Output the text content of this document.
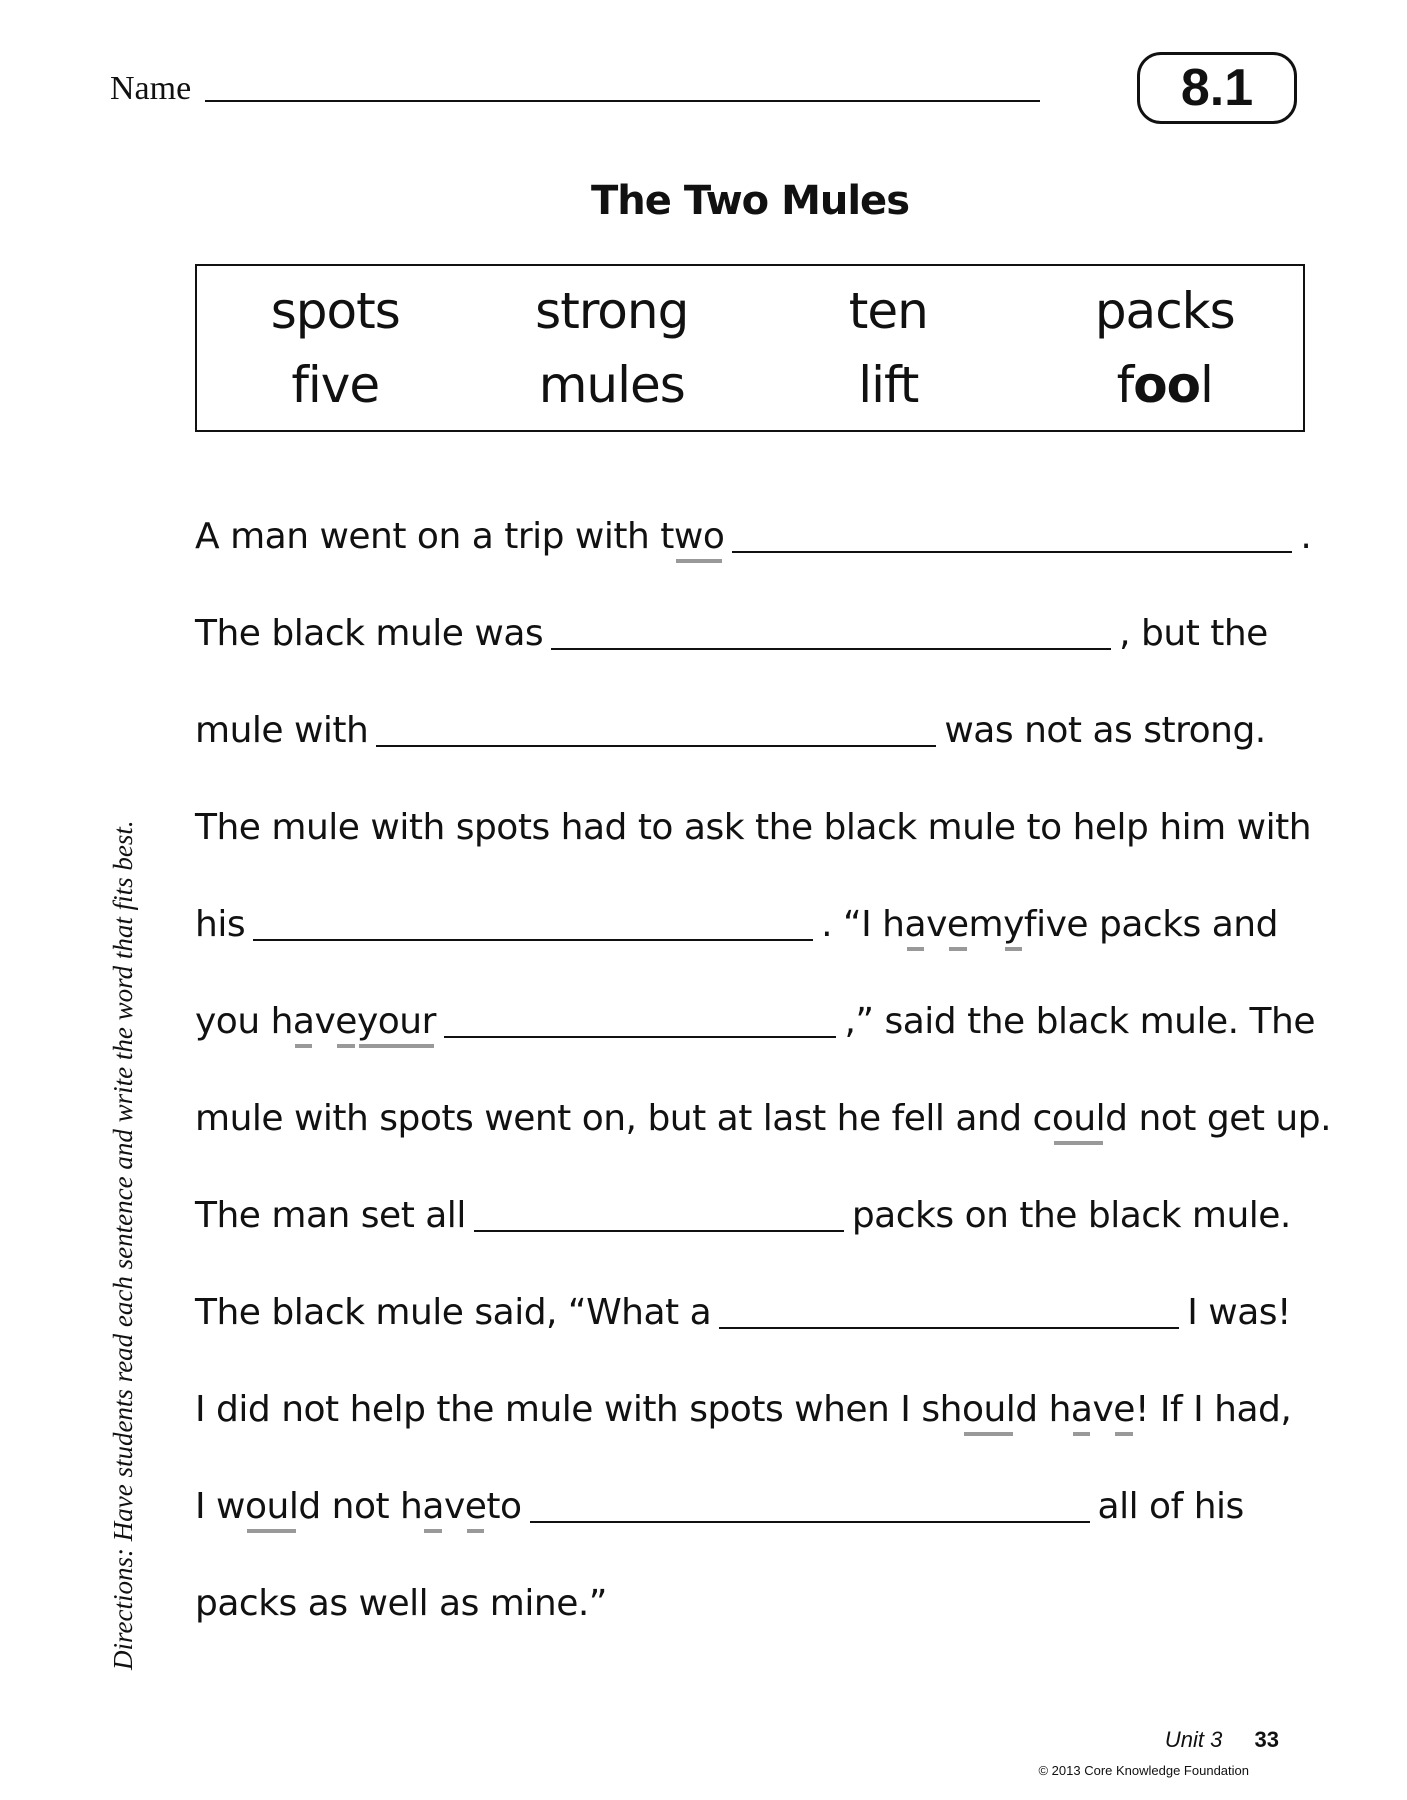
Name	8.1
The Two Mules
spots	strong	ten	packs
five	mules	lift	f oo l
A man went on a trip with t wo	.
The black mule was	, but the
mule with	was not as strong.
The mule with spots had to ask the black mule to help him with
his	. “I h a v e m y five packs and
you h a v e your	,” said the black mule. The
mule with spots went on, but at last he fell and c oul d not get up.
The man set all	packs on the black mule.
The black mule said, “What a	I was!
I did not help the mule with spots when I sh oul d h a v e ! If I had,
I w oul d not h a v e to	all of his
packs as well as mine.”
Directions: Have students read each sentence and write the word that fits best.
Unit 3 33
© 2013 Core Knowledge Foundation
